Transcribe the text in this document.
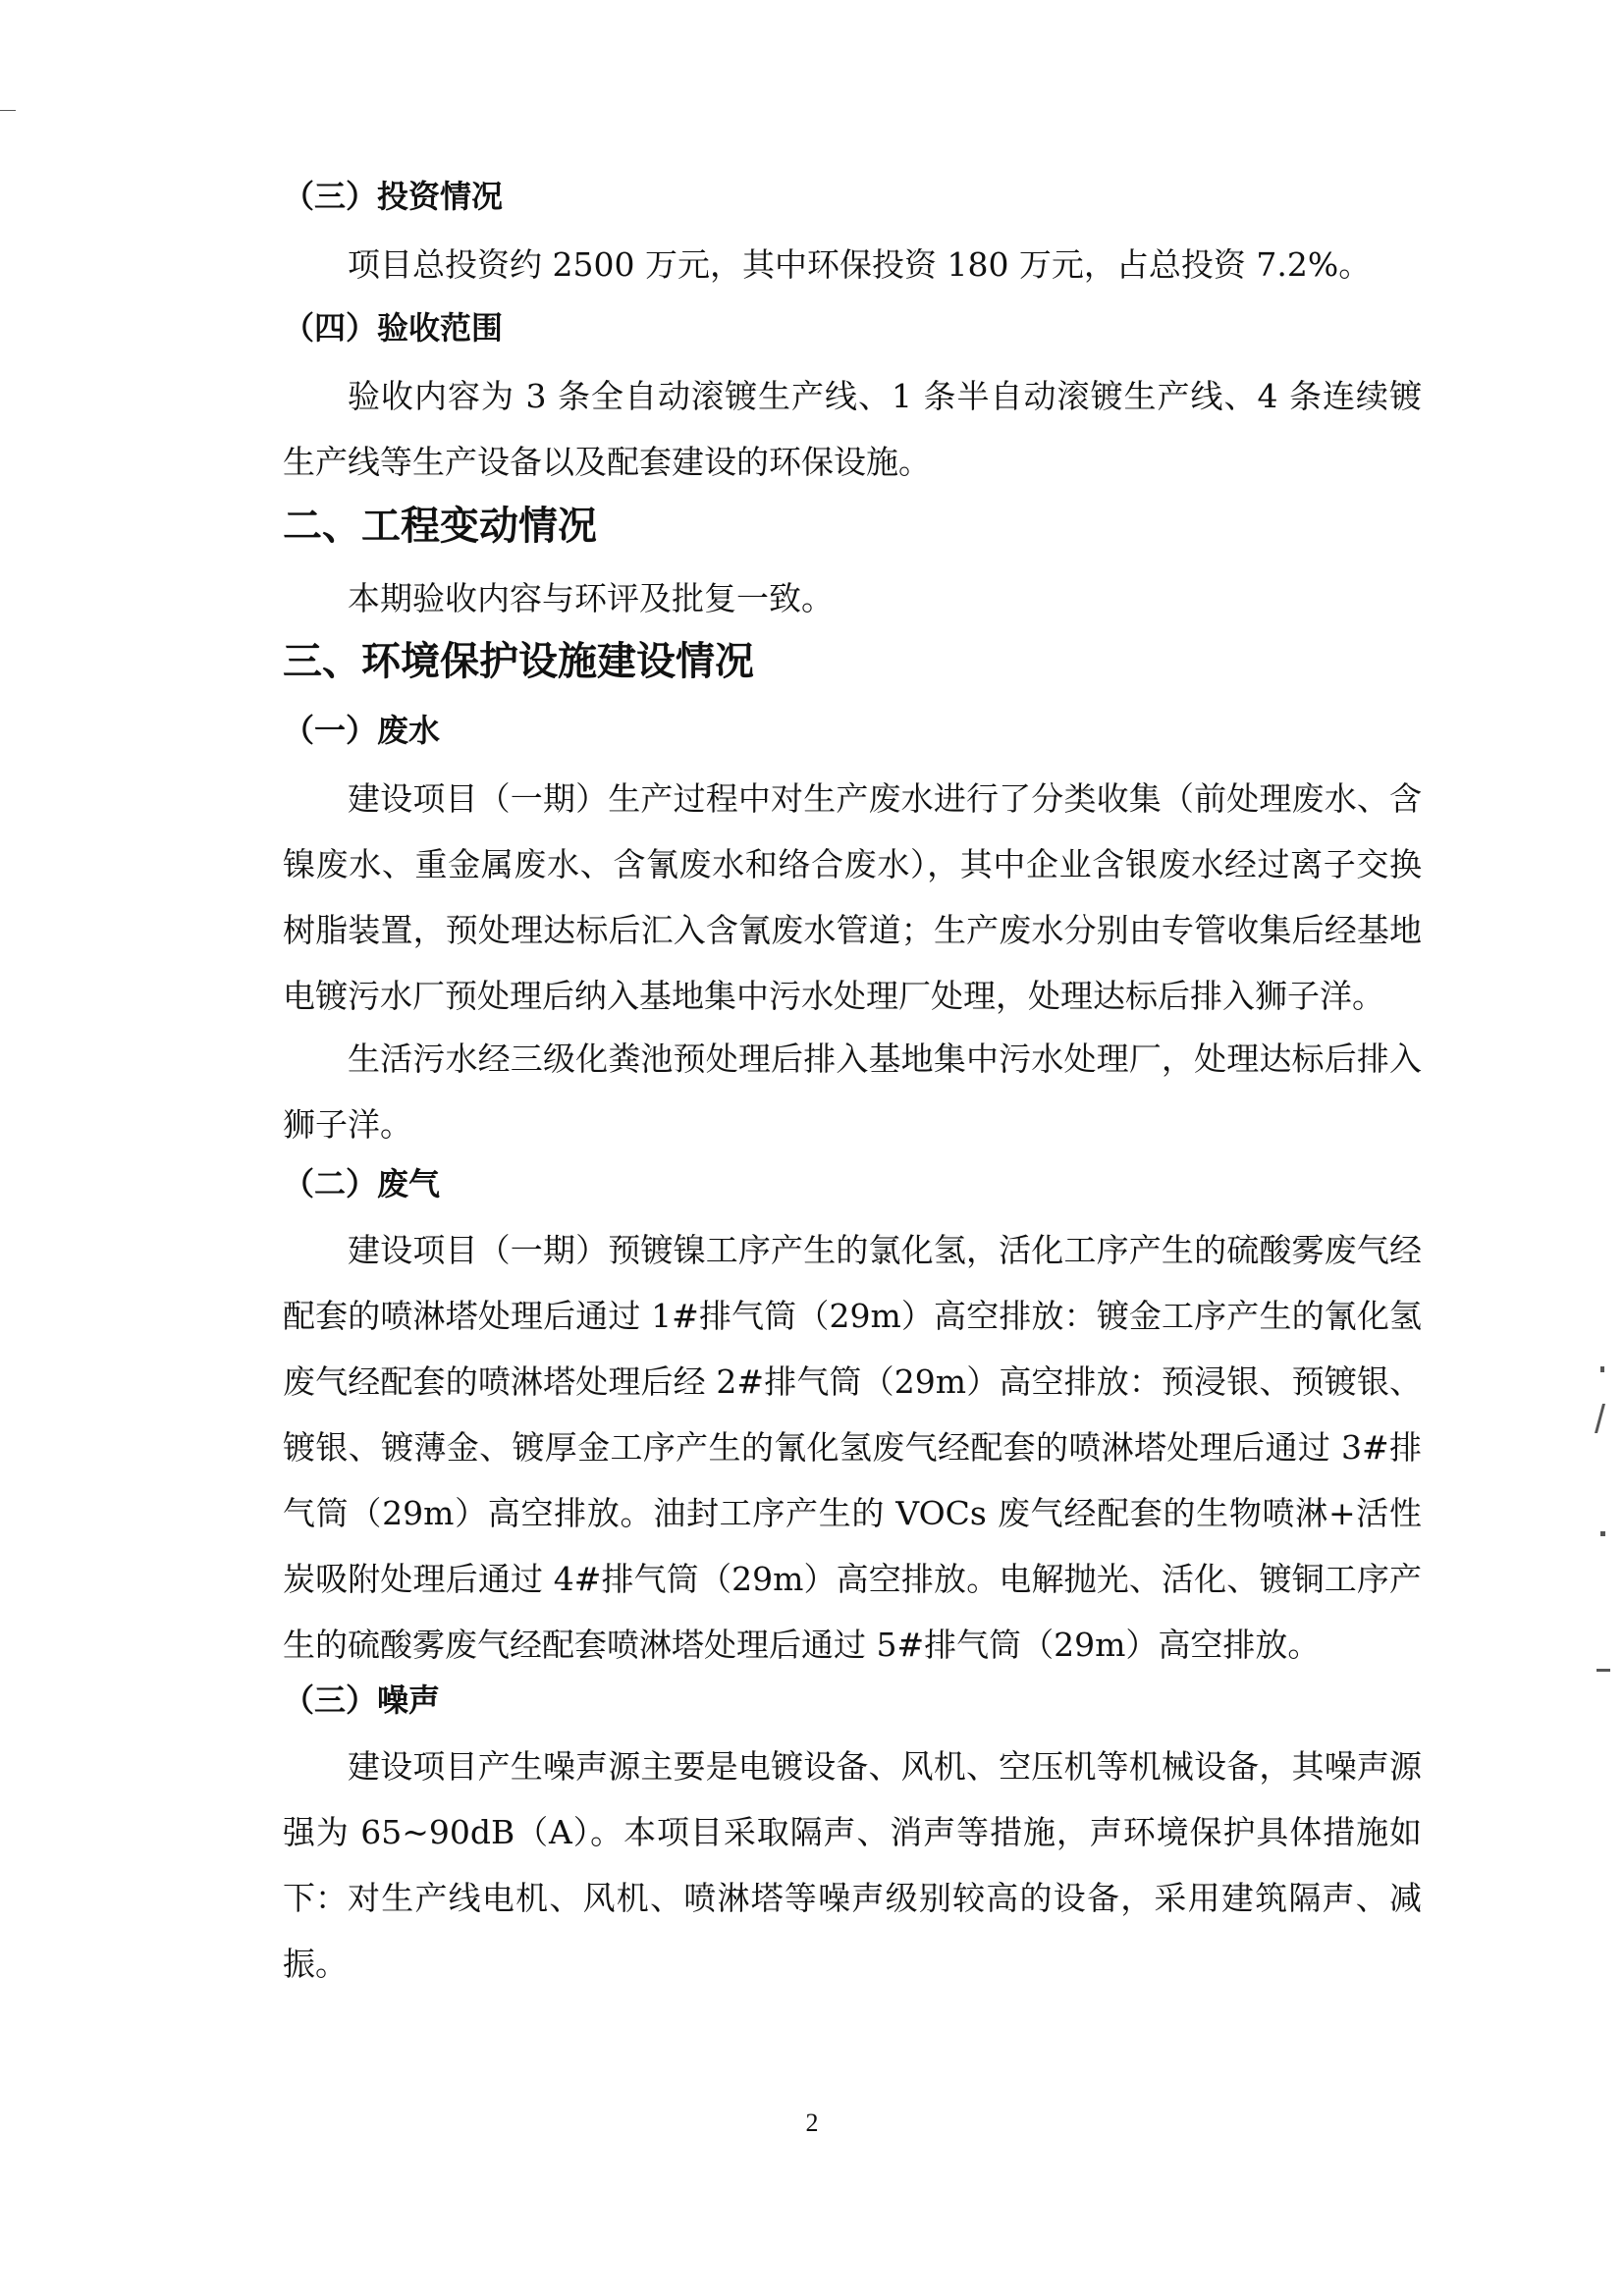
（三）投资情况

项目总投资约 2500 万元，其中环保投资 180 万元，占总投资 7.2%。

（四）验收范围

验收内容为 3 条全自动滚镀生产线、1 条半自动滚镀生产线、4 条连续镀生产线等生产设备以及配套建设的环保设施。

二、工程变动情况

本期验收内容与环评及批复一致。

三、环境保护设施建设情况
（一）废水

建设项目（一期）生产过程中对生产废水进行了分类收集（前处理废水、含镍废水、重金属废水、含氰废水和络合废水），其中企业含银废水经过离子交换树脂装置，预处理达标后汇入含氰废水管道；生产废水分别由专管收集后经基地电镀污水厂预处理后纳入基地集中污水处理厂处理，处理达标后排入狮子洋。

生活污水经三级化粪池预处理后排入基地集中污水处理厂，处理达标后排入狮子洋。

（二）废气

建设项目（一期）预镀镍工序产生的氯化氢，活化工序产生的硫酸雾废气经配套的喷淋塔处理后通过 1#排气筒（29m）高空排放：镀金工序产生的氰化氢废气经配套的喷淋塔处理后经 2#排气筒（29m）高空排放：预浸银、预镀银、镀银、镀薄金、镀厚金工序产生的氰化氢废气经配套的喷淋塔处理后通过 3#排气筒（29m）高空排放。油封工序产生的 VOCs 废气经配套的生物喷淋+活性炭吸附处理后通过 4#排气筒（29m）高空排放。电解抛光、活化、镀铜工序产生的硫酸雾废气经配套喷淋塔处理后通过 5#排气筒（29m）高空排放。

（三）噪声

建设项目产生噪声源主要是电镀设备、风机、空压机等机械设备，其噪声源强为 65~90dB（A）。本项目采取隔声、消声等措施，声环境保护具体措施如下： 对生产线电机、风机、喷淋塔等噪声级别较高的设备，采用建筑隔声、减振。

2
